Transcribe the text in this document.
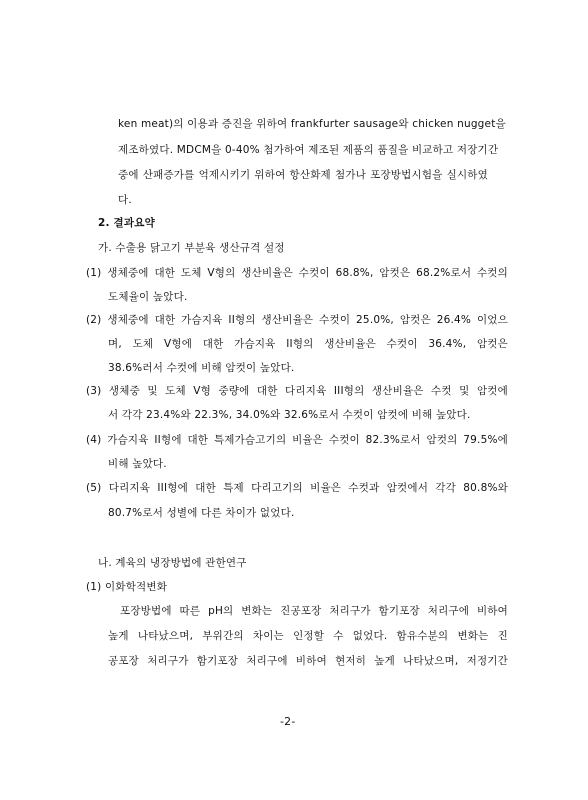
ken meat)의 이용과 증진을 위하여 frankfurter sausage와 chicken nugget을
제조하였다. MDCM을 0-40% 첨가하여 제조된 제품의 품질을 비교하고 저장기간
중에 산패증가를 억제시키기 위하여 항산화제 첨가나 포장방법시험을 실시하였
다.
2. 결과요약
가. 수출용 닭고기 부분육 생산규격 설정
(1) 생체중에 대한 도체 V형의 생산비율은 수컷이 68.8%, 암컷은 68.2%로서 수컷의
도체율이 높았다.
(2) 생체중에 대한 가슴지육 II형의 생산비율은 수컷이 25.0%, 암컷은 26.4% 이었으
며, 도체 V형에 대한 가슴지육 II형의 생산비율은 수컷이 36.4%, 암컷은
38.6%러서 수컷에 비해 암컷이 높았다.
(3) 생체중 및 도체 V형 중량에 대한 다리지육 III형의 생산비율은 수컷 및 암컷에
서 각각 23.4%와 22.3%, 34.0%와 32.6%로서 수컷이 암컷에 비해 높았다.
(4) 가슴지육 II형에 대한 특제가슴고기의 비율은 수컷이 82.3%로서 암컷의 79.5%에
비해 높았다.
(5) 다리지육 III형에 대한 특제 다리고기의 비율은 수컷과 암컷에서 각각 80.8%와
80.7%로서 성별에 다른 차이가 없었다.
나. 계육의 냉장방법에 관한연구
(1) 이화학적변화
포장방법에 따른 pH의 변화는 진공포장 처리구가 함기포장 처리구에 비하여
높게 나타났으며, 부위간의 차이는 인정할 수 없었다. 함유수분의 변화는 진
공포장 처리구가 함기포장 처리구에 비하여 현저히 높게 나타났으며, 저정기간
-2-
